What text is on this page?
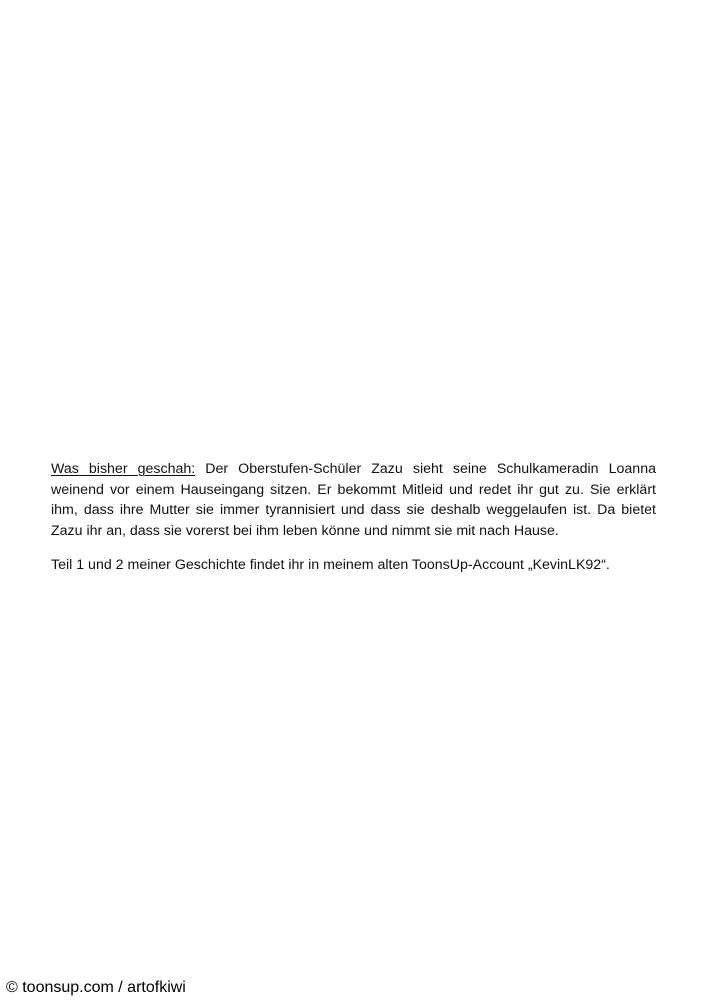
Was bisher geschah: Der Oberstufen-Schüler Zazu sieht seine Schulkameradin Loanna weinend vor einem Hauseingang sitzen. Er bekommt Mitleid und redet ihr gut zu. Sie erklärt ihm, dass ihre Mutter sie immer tyrannisiert und dass sie deshalb weggelaufen ist. Da bietet Zazu ihr an, dass sie vorerst bei ihm leben könne und nimmt sie mit nach Hause.

Teil 1 und 2 meiner Geschichte findet ihr in meinem alten ToonsUp-Account „KevinLK92“.

© toonsup.com / artofkiwi
